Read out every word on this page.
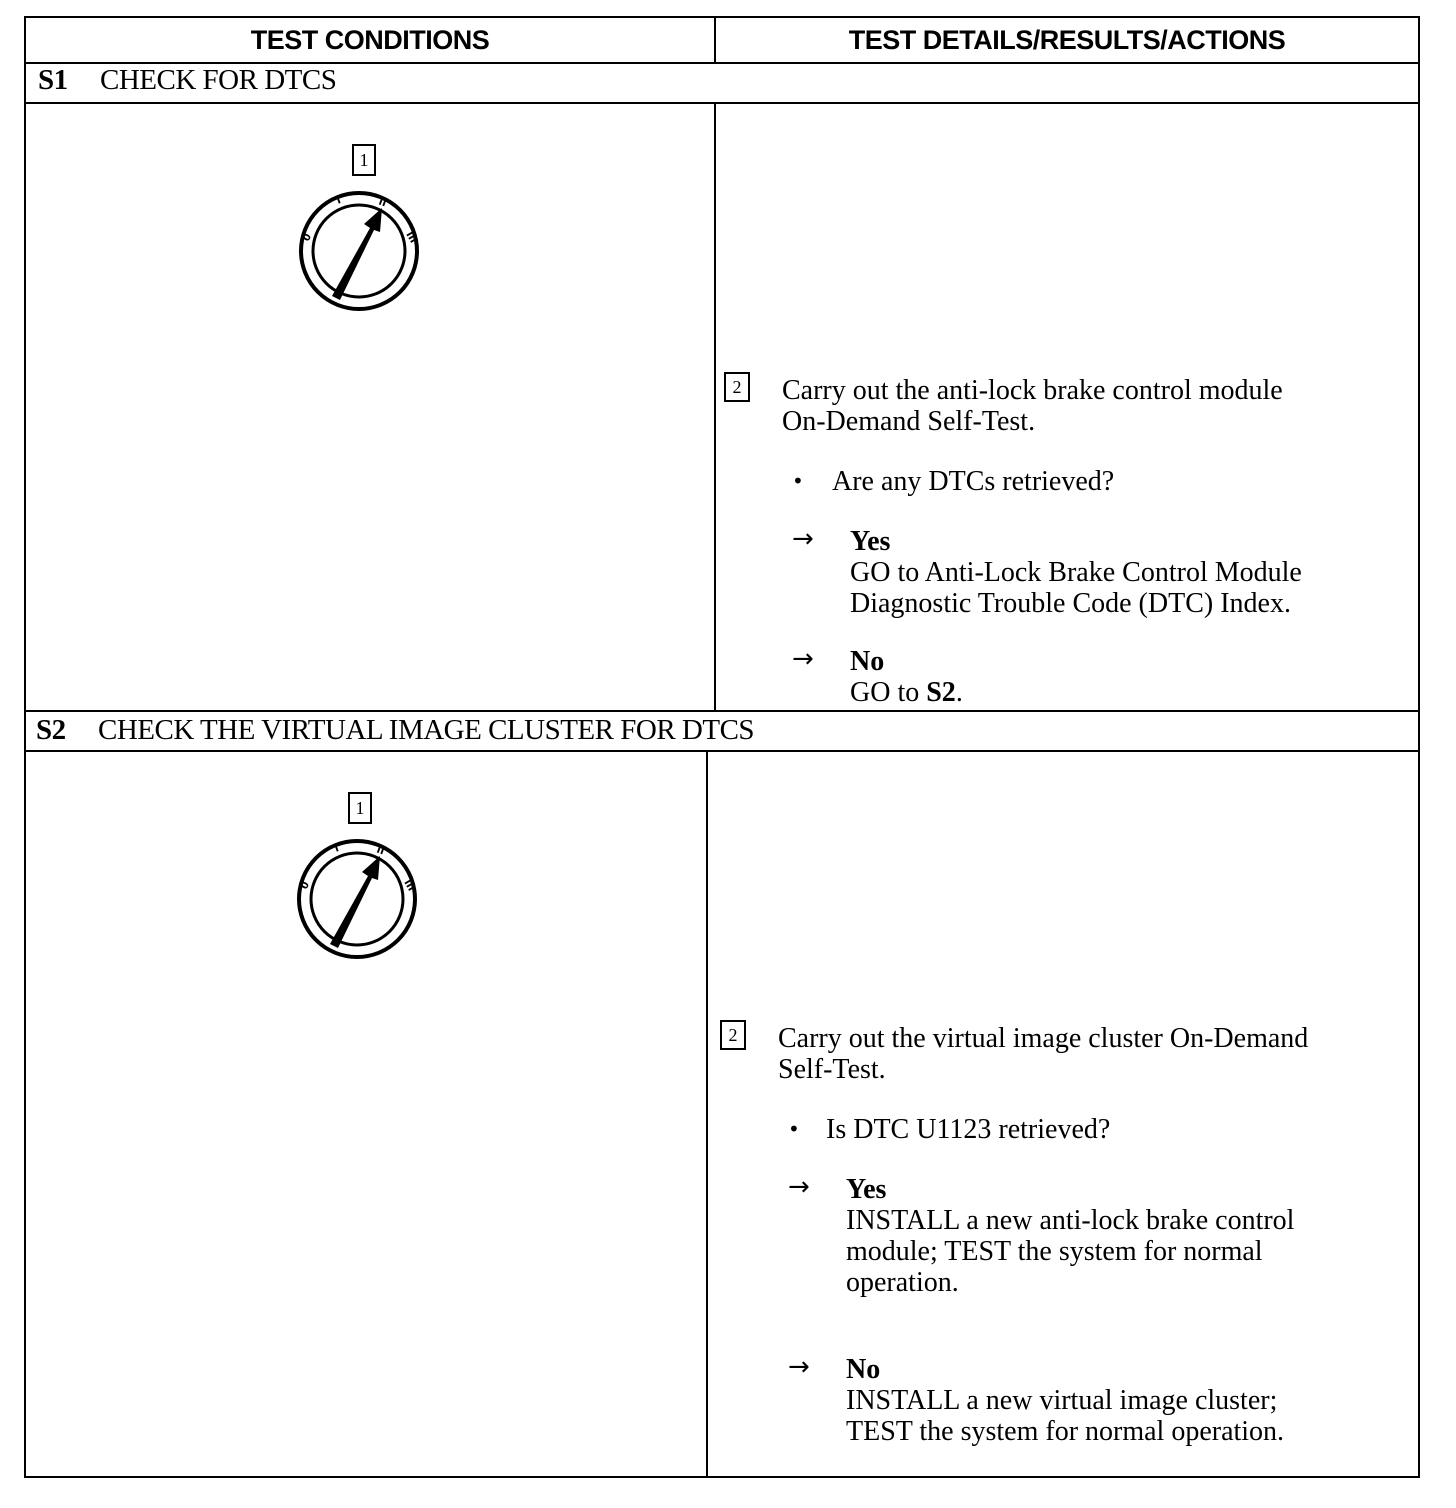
TEST CONDITIONS	TEST DETAILS/RESULTS/ACTIONS
S1 CHECK FOR DTCS
1
0
I	II
III
2	Carry out the anti-lock brake control module
On-Demand Self-Test.
• Are any DTCs retrieved?
→ Yes
GO to Anti-Lock Brake Control Module
Diagnostic Trouble Code (DTC) Index.
→ No
GO to S2.
S2 CHECK THE VIRTUAL IMAGE CLUSTER FOR DTCS
1
0
I	II
III
2	Carry out the virtual image cluster On-Demand
Self-Test.
• Is DTC U1123 retrieved?
→ Yes
INSTALL a new anti-lock brake control
module; TEST the system for normal
operation.
→ No
INSTALL a new virtual image cluster;
TEST the system for normal operation.
